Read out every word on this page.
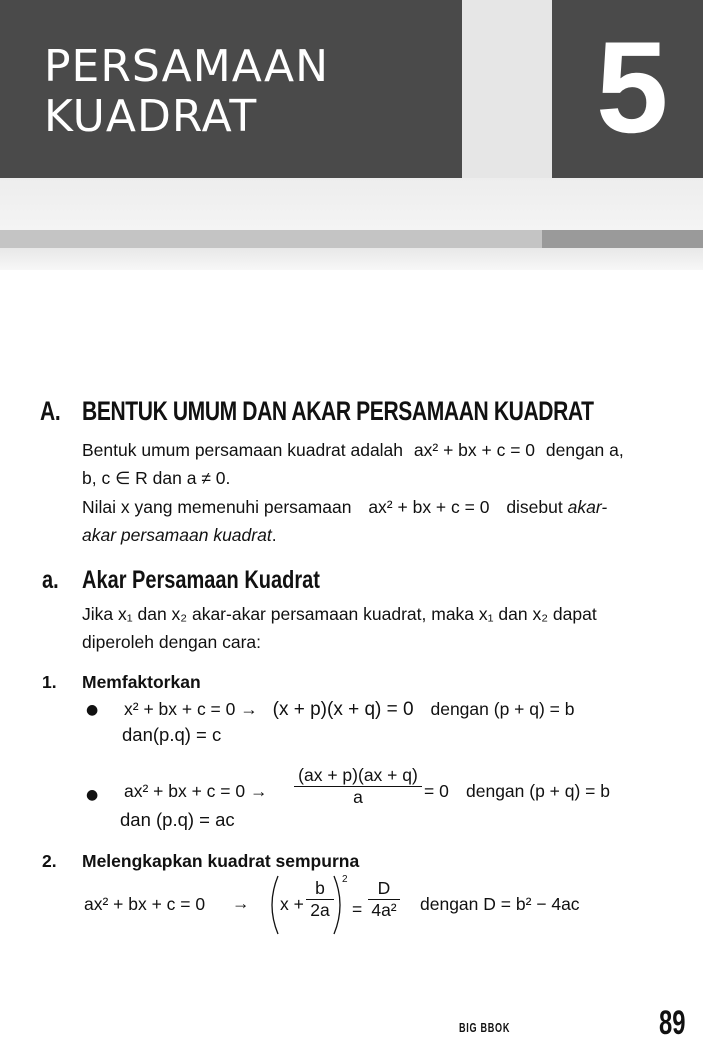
PERSAMAAN
KUADRAT	5
A. BENTUK UMUM DAN AKAR PERSAMAAN KUADRAT
Bentuk umum persamaan kuadrat adalah ax² + bx + c = 0 dengan a,
b, c ∈ R dan a ≠ 0.
Nilai x yang memenuhi persamaan ax² + bx + c = 0 disebut akar-
akar persamaan kuadrat.
a. Akar Persamaan Kuadrat
Jika x₁ dan x₂ akar-akar persamaan kuadrat, maka x₁ dan x₂ dapat
diperoleh dengan cara:
1. Memfaktorkan
● x² + bx + c = 0 → (x + p)(x + q) = 0 dengan (p + q) = b
dan(p.q) = c
● ax² + bx + $c = 0 \to \frac{(ax + p)(ax + q)}{a} = 0$ dengan (p + q) = b
dan (p.q) = ac
2. Melengkapkan kuadrat sempurna
ax² + bx + $c = 0 \to x + \frac{b}{2a} 2$
= $\frac{D}{\text{4a²}}$ dengan D = b² − 4ac
BIG BBOK	89
